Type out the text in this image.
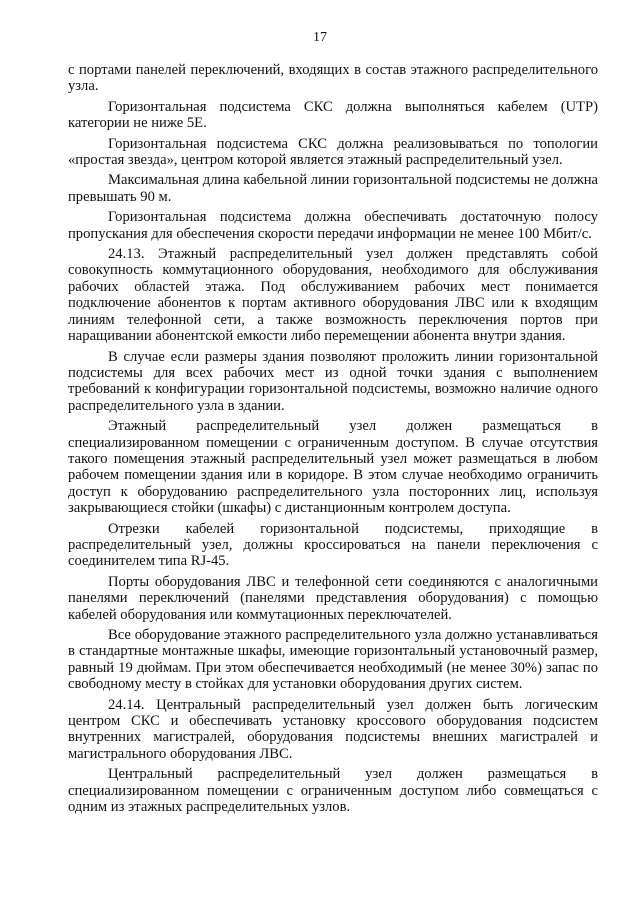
17

с портами панелей переключений, входящих в состав этажного распределительного узла.

Горизонтальная подсистема СКС должна выполняться кабелем (UTP) категории не ниже 5Е.

Горизонтальная подсистема СКС должна реализовываться по топологии «простая звезда», центром которой является этажный распределительный узел.

Максимальная длина кабельной линии горизонтальной подсистемы не должна превышать 90 м.

Горизонтальная подсистема должна обеспечивать достаточную полосу пропускания для обеспечения скорости передачи информации не менее 100 Мбит/с.

24.13. Этажный распределительный узел должен представлять собой совокупность коммутационного оборудования, необходимого для обслуживания рабочих областей этажа. Под обслуживанием рабочих мест понимается подключение абонентов к портам активного оборудования ЛВС или к входящим линиям телефонной сети, а также возможность переключения портов при наращивании абонентской емкости либо перемещении абонента внутри здания.

В случае если размеры здания позволяют проложить линии горизонтальной подсистемы для всех рабочих мест из одной точки здания с выполнением требований к конфигурации горизонтальной подсистемы, возможно наличие одного распределительного узла в здании.

Этажный распределительный узел должен размещаться в специализированном помещении с ограниченным доступом. В случае отсутствия такого помещения этажный распределительный узел может размещаться в любом рабочем помещении здания или в коридоре. В этом случае необходимо ограничить доступ к оборудованию распределительного узла посторонних лиц, используя закрывающиеся стойки (шкафы) с дистанционным контролем доступа.

Отрезки кабелей горизонтальной подсистемы, приходящие в распределительный узел, должны кроссироваться на панели переключения с соединителем типа RJ-45.

Порты оборудования ЛВС и телефонной сети соединяются с аналогичными панелями переключений (панелями представления оборудования) с помощью кабелей оборудования или коммутационных переключателей.

Все оборудование этажного распределительного узла должно устанавливаться в стандартные монтажные шкафы, имеющие горизонтальный установочный размер, равный 19 дюймам. При этом обеспечивается необходимый (не менее 30%) запас по свободному месту в стойках для установки оборудования других систем.

24.14. Центральный распределительный узел должен быть логическим центром СКС и обеспечивать установку кроссового оборудования подсистем внутренних магистралей, оборудования подсистемы внешних магистралей и магистрального оборудования ЛВС.

Центральный распределительный узел должен размещаться в специализированном помещении с ограниченным доступом либо совмещаться с одним из этажных распределительных узлов.
